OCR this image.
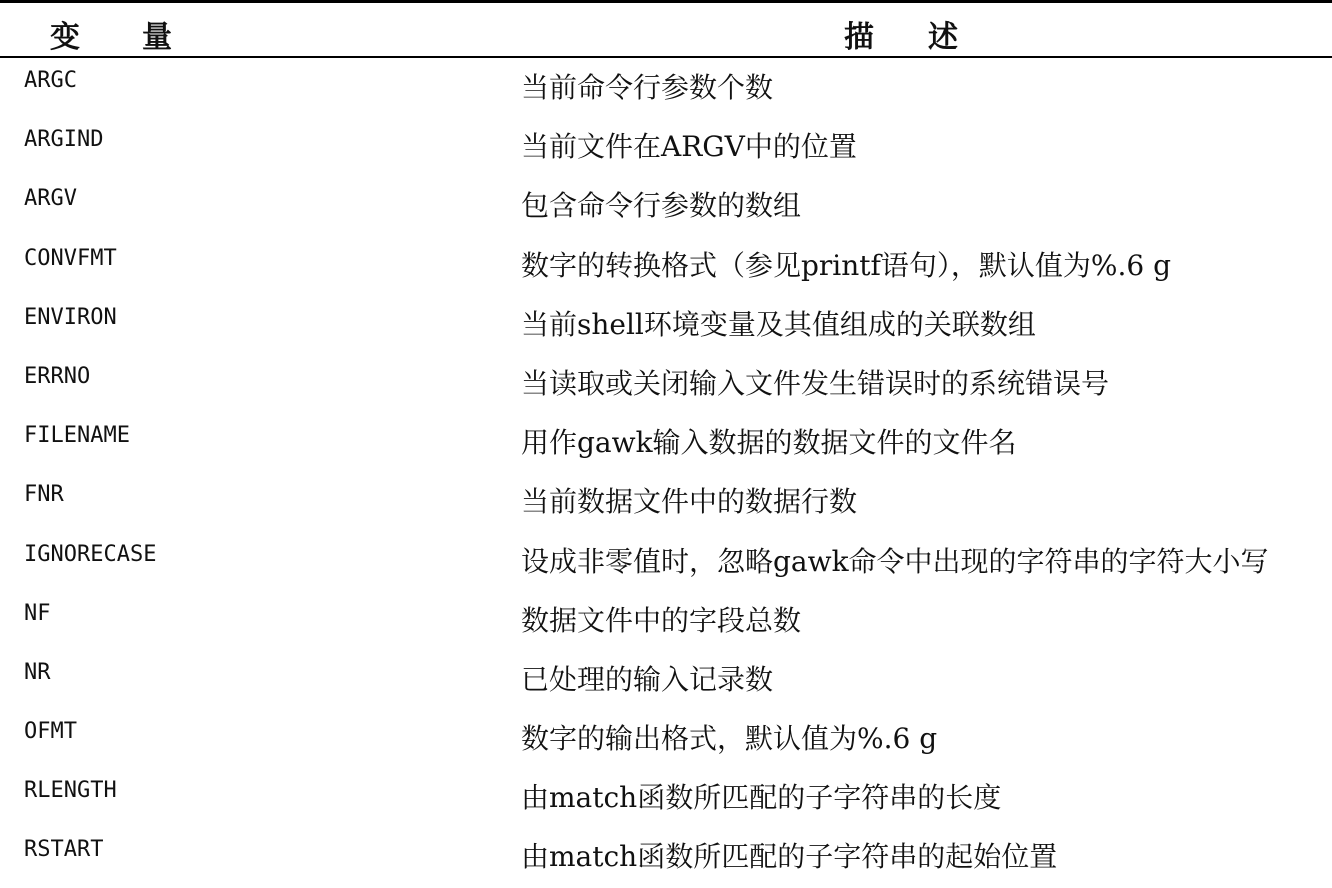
变量	描述
ARGC	当前命令行参数个数
ARGIND	当前文件在ARGV中的位置
ARGV	包含命令行参数的数组
CONVFMT	数字的转换格式（参见printf语句），默认值为%.6 g
ENVIRON	当前shell环境变量及其值组成的关联数组
ERRNO	当读取或关闭输入文件发生错误时的系统错误号
FILENAME	用作gawk输入数据的数据文件的文件名
FNR	当前数据文件中的数据行数
IGNORECASE	设成非零值时，忽略gawk命令中出现的字符串的字符大小写
NF	数据文件中的字段总数
NR	已处理的输入记录数
OFMT	数字的输出格式，默认值为%.6 g
RLENGTH	由match函数所匹配的子字符串的长度
RSTART	由match函数所匹配的子字符串的起始位置
